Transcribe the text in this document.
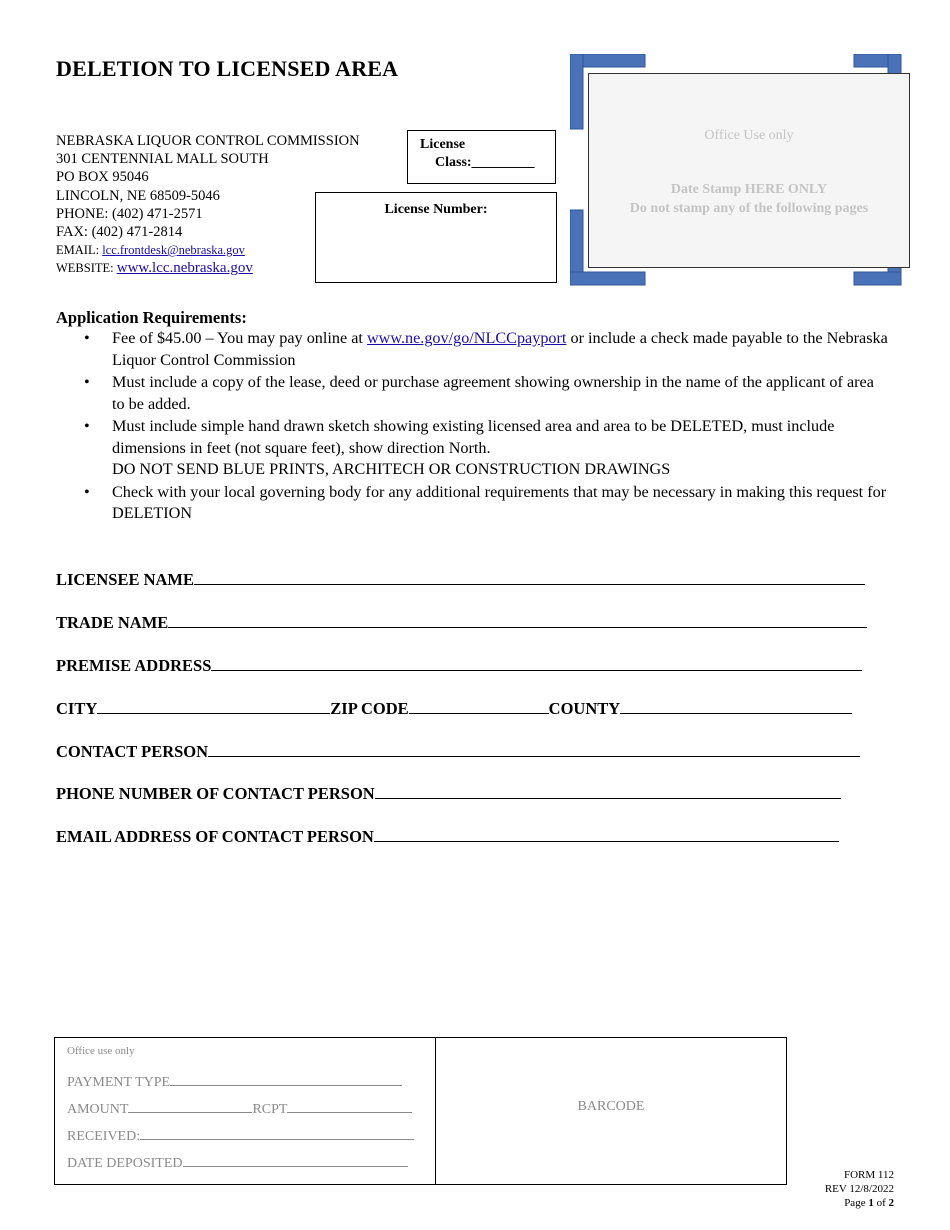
DELETION TO LICENSED AREA
NEBRASKA LIQUOR CONTROL COMMISSION
301 CENTENNIAL MALL SOUTH
PO BOX 95046
LINCOLN, NE 68509-5046
PHONE: (402) 471-2571
FAX: (402) 471-2814
EMAIL: lcc.frontdesk@nebraska.gov
WEBSITE: www.lcc.nebraska.gov
License
Class:_________
License Number:
Office Use only
Date Stamp HERE ONLY
Do not stamp any of the following pages
Application Requirements:
• Fee of $45.00 – You may pay online at www.ne.gov/go/NLCCpayport or include a check made payable to the Nebraska Liquor Control Commission
• Must include a copy of the lease, deed or purchase agreement showing ownership in the name of the applicant of area to be added.
• Must include simple hand drawn sketch showing existing licensed area and area to be DELETED, must include dimensions in feet (not square feet), show direction North.
DO NOT SEND BLUE PRINTS, ARCHITECH OR CONSTRUCTION DRAWINGS
• Check with your local governing body for any additional requirements that may be necessary in making this request for DELETION
LICENSEE NAME
TRADE NAME
PREMISE ADDRESS
CITY	ZIP CODE	COUNTY
CONTACT PERSON
PHONE NUMBER OF CONTACT PERSON
EMAIL ADDRESS OF CONTACT PERSON
Office use only
PAYMENT TYPE
AMOUNT	RCPT
RECEIVED:
DATE DEPOSITED
BARCODE
FORM 112
REV 12/8/2022
Page 1 of 2
